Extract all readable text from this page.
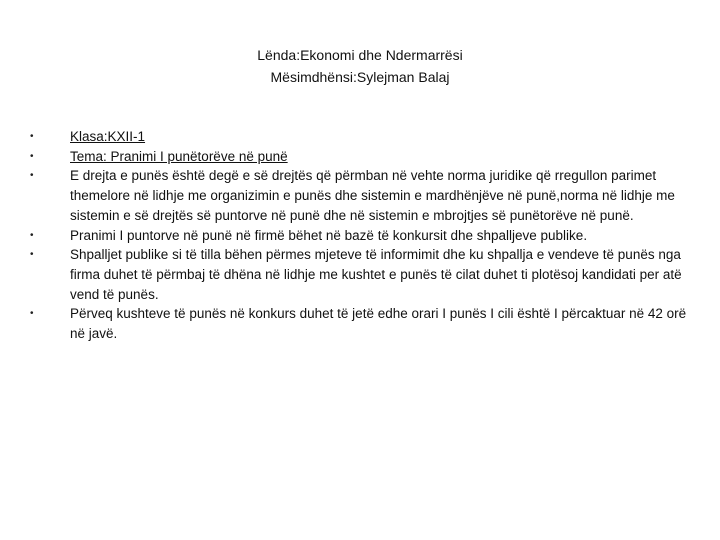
Lënda:Ekonomi dhe Ndermarrësi
Mësimdhënsi:Sylejman Balaj
•	Klasa:KXII-1
•	Tema: Pranimi I punëtorëve në punë
•	E drejta e punës është degë e së drejtës që përmban në vehte norma juridike që rregullon parimet themelore në lidhje me organizimin e punës dhe sistemin e mardhënjëve në punë,norma në lidhje me sistemin e së drejtës së puntorve në punë dhe në sistemin e mbrojtjes së punëtorëve në punë.
•	Pranimi I puntorve në punë në firmë bëhet në bazë të konkursit dhe shpalljeve publike.
•	Shpalljet publike si të tilla bëhen përmes mjeteve të informimit dhe ku shpallja e vendeve të punës nga firma duhet të përmbaj të dhëna në lidhje me kushtet e punës të cilat duhet ti plotësoj kandidati per atë vend të punës.
•	Përveq kushteve të punës në konkurs duhet të jetë edhe orari I punës I cili është I përcaktuar në 42 orë në javë.
